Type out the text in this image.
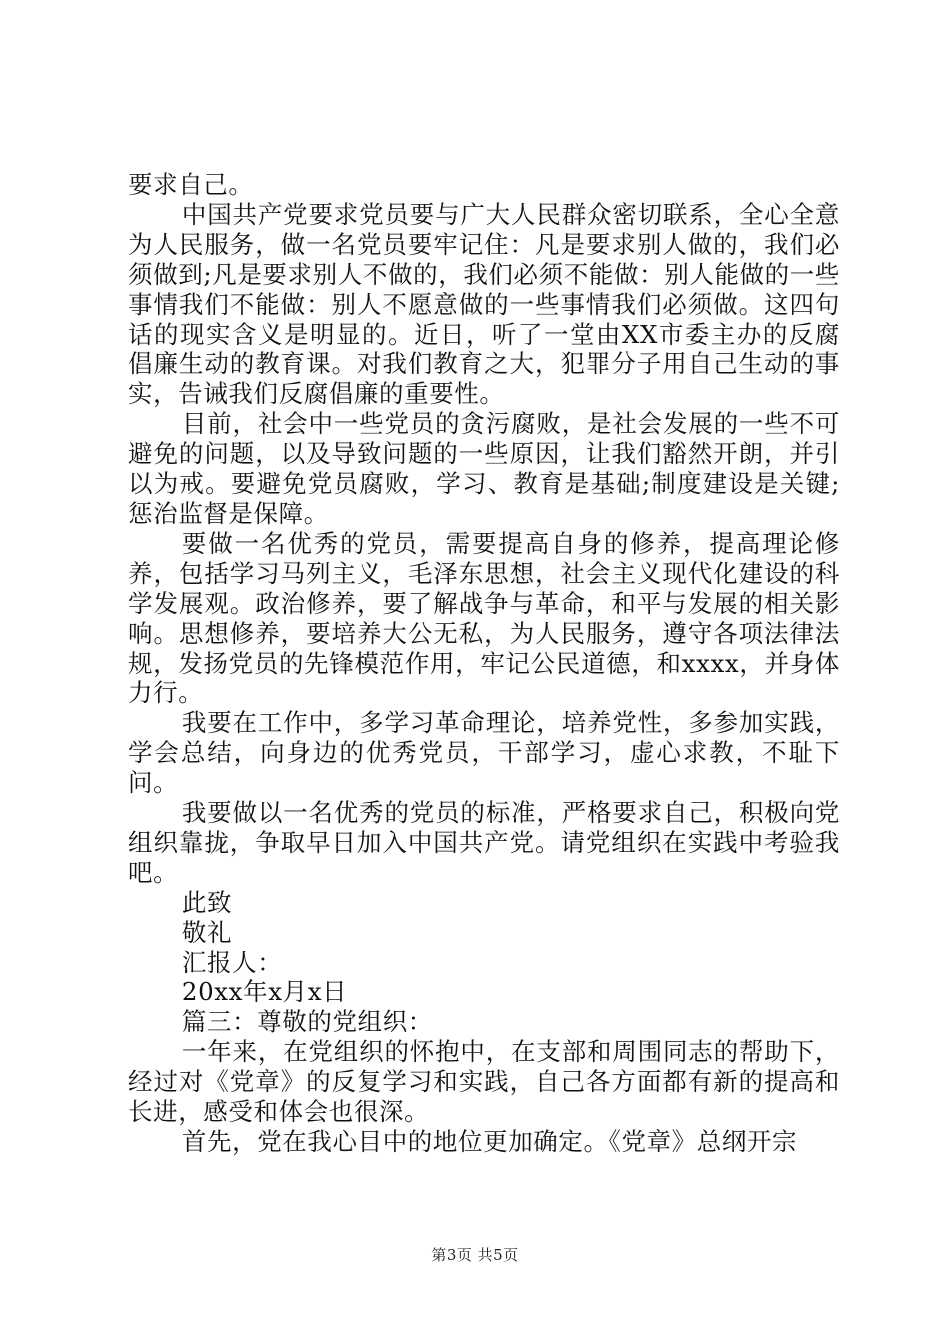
要求自己。

中国共产党要求党员要与广大人民群众密切联系，全心全意为人民服务，做一名党员要牢记住：凡是要求别人做的，我们必须做到;凡是要求别人不做的，我们必须不能做：别人能做的一些事情我们不能做：别人不愿意做的一些事情我们必须做。这四句话的现实含义是明显的。近日，听了一堂由XX市委主办的反腐倡廉生动的教育课。对我们教育之大，犯罪分子用自己生动的事实，告诫我们反腐倡廉的重要性。

目前，社会中一些党员的贪污腐败，是社会发展的一些不可避免的问题，以及导致问题的一些原因，让我们豁然开朗，并引以为戒。要避免党员腐败，学习、教育是基础;制度建设是关键;惩治监督是保障。

要做一名优秀的党员，需要提高自身的修养，提高理论修养，包括学习马列主义，毛泽东思想，社会主义现代化建设的科学发展观。政治修养，要了解战争与革命，和平与发展的相关影响。思想修养，要培养大公无私，为人民服务，遵守各项法律法规，发扬党员的先锋模范作用，牢记公民道德，和xxxx，并身体力行。

我要在工作中，多学习革命理论，培养党性，多参加实践，学会总结，向身边的优秀党员，干部学习，虚心求教，不耻下问。

我要做以一名优秀的党员的标准，严格要求自己，积极向党组织靠拢，争取早日加入中国共产党。请党组织在实践中考验我吧。

此致

敬礼

汇报人：

20xx年x月x日

篇三：尊敬的党组织：

一年来，在党组织的怀抱中，在支部和周围同志的帮助下，经过对《党章》的反复学习和实践，自己各方面都有新的提高和长进，感受和体会也很深。

首先，党在我心目中的地位更加确定。《党章》总纲开宗

第3页 共5页
